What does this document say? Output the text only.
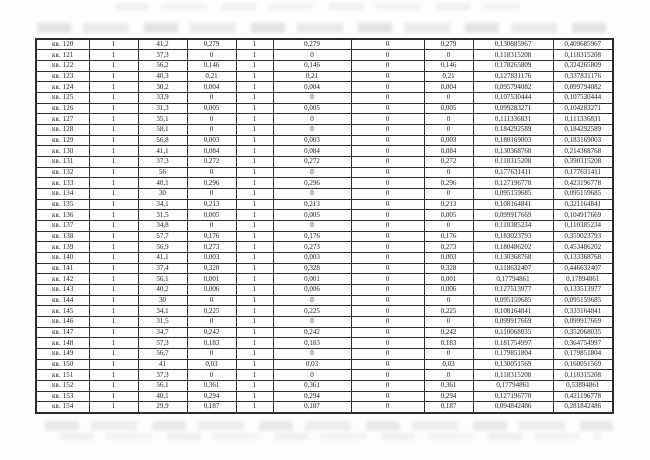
кв. 120	1	41,2	0,279	1	0,279	0	0,279	0,130685967	0,409685967
кв. 121	1	37,3	0	1	0	0	0	0,118315208	0,118315208
кв. 122	1	56,2	0,146	1	0,146	0	0,146	0,178265809	0,324265809
кв. 123	1	40,3	0,21	1	0,21	0	0,21	0,127831176	0,337831176
кв. 124	1	30,2	0,004	1	0,004	0	0,004	0,095794082	0,099794082
кв. 125	1	33,9	0	1	0	0	0	0,107530444	0,107530444
кв. 126	1	31,3	0,005	1	0,005	0	0,005	0,099283271	0,104283271
кв. 127	1	35,1	0	1	0	0	0	0,111336831	0,111336831
кв. 128	1	58,1	0	1	0	0	0	0,184292589	0,184292589
кв. 129	1	56,8	0,003	1	0,003	0	0,003	0,180169003	0,183169003
кв. 130	1	41,1	0,084	1	0,084	0	0,084	0,130368768	0,214368768
кв. 131	1	37,3	0,272	1	0,272	0	0,272	0,118315208	0,390315208
кв. 132	1	56	0	1	0	0	0	0,177631411	0,177631411
кв. 133	1	40,1	0,296	1	0,296	0	0,296	0,127196778	0,423196778
кв. 134	1	30	0	1	0	0	0	0,095159685	0,095159685
кв. 135	1	34,1	0,213	1	0,213	0	0,213	0,108164841	0,321164841
кв. 136	1	31,5	0,005	1	0,005	0	0,005	0,099917669	0,104917669
кв. 137	1	34,8	0	1	0	0	0	0,110385234	0,110385234
кв. 138	1	57,7	0,176	1	0,176	0	0,176	0,183023793	0,359023793
кв. 139	1	56,9	0,273	1	0,273	0	0,273	0,180486202	0,453486202
кв. 140	1	41,1	0,003	1	0,003	0	0,003	0,130368768	0,133368768
кв. 141	1	37,4	0,328	1	0,328	0	0,328	0,118632407	0,446632407
кв. 142	1	56,1	0,001	1	0,001	0	0,001	0,17794861	0,17894861
кв. 143	1	40,2	0,006	1	0,006	0	0,006	0,127513977	0,133513977
кв. 144	1	30	0	1	0	0	0	0,095159685	0,095159685
кв. 145	1	34,1	0,225	1	0,225	0	0,225	0,108164841	0,333164841
кв. 146	1	31,5	0	1	0	0	0	0,099917669	0,099917669
кв. 147	1	34,7	0,242	1	0,242	0	0,242	0,110068035	0,352068035
кв. 148	1	57,3	0,183	1	0,183	0	0,183	0,181754997	0,364754997
кв. 149	1	56,7	0	1	0	0	0	0,179851804	0,179851804
кв. 150	1	41	0,03	1	0,03	0	0,03	0,130051569	0,160051569
кв. 151	1	37,3	0	1	0	0	0	0,118315208	0,118315208
кв. 152	1	56,1	0,361	1	0,361	0	0,361	0,17794861	0,53894861
кв. 153	1	40,1	0,294	1	0,294	0	0,294	0,127196778	0,421196778
кв. 154	1	29,9	0,187	1	0,187	0	0,187	0,094842486	0,281842486
